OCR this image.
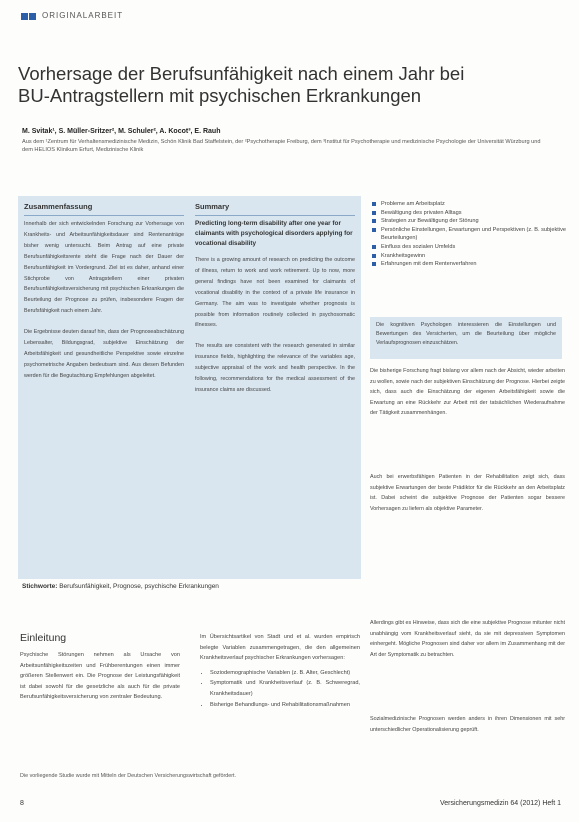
ORIGINALARBEIT
Vorhersage der Berufsunfähigkeit nach einem Jahr bei
BU-Antragstellern mit psychischen Erkrankungen
M. Svitak¹, S. Müller-Sritzer², M. Schuler², A. Kocot³, E. Rauh
Aus dem ¹Zentrum für Verhaltensmedizinische Medizin, Schön Klinik Bad Staffelstein, der ²Psychotherapie Freiburg, dem ³Institut für Psychotherapie und medizinische Psychologie der Universität Würzburg und dem HELIOS Klinikum Erfurt, Medizinische Klinik
Zusammenfassung
Innerhalb der sich entwickelnden Forschung zur Vorhersage von Krankheits- und Arbeitsunfähigkeitsdauer sind Rentenanträge bisher wenig untersucht. Beim Antrag auf eine private Berufsunfähigkeitsrente steht die Frage nach der Dauer der Berufsunfähigkeit im Vordergrund. Ziel ist es daher, anhand einer Stichprobe von Antragstellern einer privaten Berufsunfähigkeitsversicherung mit psychischen Erkrankungen die Beurteilung der Prognose zu prüfen, insbesondere Fragen der Berufsfähigkeit nach einem Jahr.
Die Ergebnisse deuten darauf hin, dass der Prognoseabschätzung Lebensalter, Bildungsgrad, subjektive Einschätzung der Arbeitsfähigkeit und gesundheitliche Perspektive sowie einzelne psychometrische Angaben bedeutsam sind. Aus diesen Befunden werden für die Begutachtung Empfehlungen abgeleitet.
Summary
Predicting long-term disability after one year for claimants with psychological disorders applying for vocational disability
There is a growing amount of research on predicting the outcome of illness, return to work and work retirement. Up to now, more general findings have not been examined for claimants of vocational disability in the context of a private life insurance in Germany. The aim was to investigate whether prognosis is possible from information routinely collected in psychosomatic illnesses.
The results are consistent with the research generated in similar insurance fields, highlighting the relevance of the variables age, subjective appraisal of the work and health perspective. In the following, recommendations for the medical assessment of the insurance claims are discussed.
Stichworte: Berufsunfähigkeit, Prognose, psychische Erkrankungen
Probleme am Arbeitsplatz
Bewältigung des privaten Alltags
Strategien zur Bewältigung der Störung
Persönliche Einstellungen, Erwartungen und Perspektiven (z. B. subjektive Beurteilungen)
Einfluss des sozialen Umfelds
Krankheitsgewinn
Erfahrungen mit dem Rentenverfahren
Die kognitiven Psychologen interessieren die Einstellungen und Bewertungen des Versicherten, um die Beurteilung über mögliche Verlaufsprognosen einzuschätzen.
Die bisherige Forschung fragt bislang vor allem nach der Absicht, wieder arbeiten zu wollen, sowie nach der subjektiven Einschätzung der Prognose. Hierbei zeigte sich, dass auch die Einschätzung der eigenen Arbeitsfähigkeit sowie die Erwartung an eine Rückkehr zur Arbeit mit der tatsächlichen Wiederaufnahme der Tätigkeit zusammenhängen.
Auch bei erwerbsfähigen Patienten in der Rehabilitation zeigt sich, dass subjektive Erwartungen der beste Prädiktor für die Rückkehr an den Arbeitsplatz ist. Dabei scheint die subjektive Prognose der Patienten sogar bessere Vorhersagen zu liefern als objektive Parameter.
Allerdings gibt es Hinweise, dass sich die eine subjektive Prognose mitunter nicht unabhängig vom Krankheitsverlauf sieht, da sie mit depressiven Symptomen einhergeht. Mögliche Prognosen sind daher vor allem im Zusammenhang mit der Art der Symptomatik zu betrachten.
Sozialmedizinische Prognosen werden anders in ihren Dimensionen mit sehr unterschiedlicher Operationalisierung geprüft.
Einleitung
Psychische Störungen nehmen als Ursache von Arbeitsunfähigkeitszeiten und Frühberentungen einen immer größeren Stellenwert ein. Die Prognose der Leistungsfähigkeit ist dabei sowohl für die gesetzliche als auch für die private Berufsunfähigkeitsversicherung von zentraler Bedeutung.
Im Übersichtsartikel von Stadt und et al. wurden empirisch belegte Variablen zusammengetragen, die den allgemeinen Krankheitsverlauf psychischer Erkrankungen vorhersagen:
• Soziodemographische Variablen (z. B. Alter, Geschlecht)
• Symptomatik und Krankheitsverlauf (z. B. Schweregrad, Krankheitsdauer)
• Bisherige Behandlungs- und Rehabilitationsmaßnahmen
Die vorliegende Studie wurde mit Mitteln der Deutschen Versicherungswirtschaft gefördert.
8	Versicherungsmedizin 64 (2012) Heft 1
